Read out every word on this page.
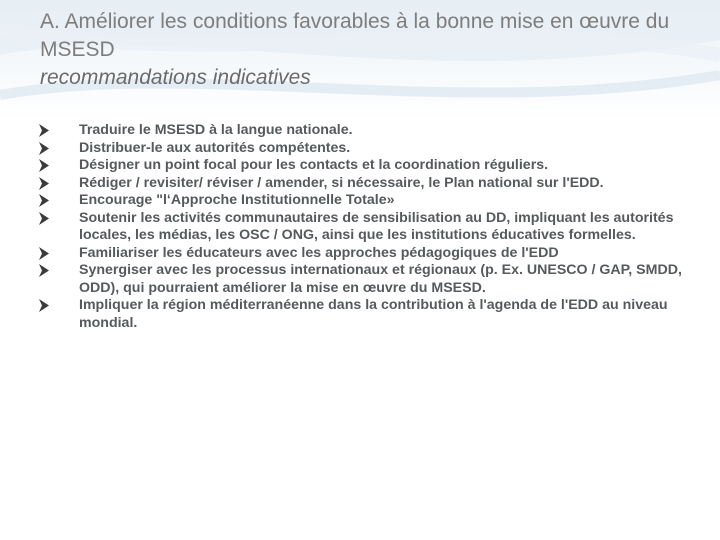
A. Améliorer les conditions favorables à la bonne mise en œuvre du MSESD

recommandations indicatives

Traduire le MSESD à la langue nationale.
Distribuer-le aux autorités compétentes.
Désigner un point focal pour les contacts et la coordination réguliers.
Rédiger / revisiter/ réviser / amender, si nécessaire, le Plan national sur l'EDD.
Encourage "l‘Approche Institutionnelle Totale»
Soutenir les activités communautaires de sensibilisation au DD, impliquant les autorités locales, les médias, les OSC / ONG, ainsi que les institutions éducatives formelles.
Familiariser les éducateurs avec les approches pédagogiques de l'EDD
Synergiser avec les processus internationaux et régionaux (p. Ex. UNESCO / GAP, SMDD, ODD), qui pourraient améliorer la mise en œuvre du MSESD.
Impliquer la région méditerranéenne dans la contribution à l'agenda de l'EDD au niveau mondial.
